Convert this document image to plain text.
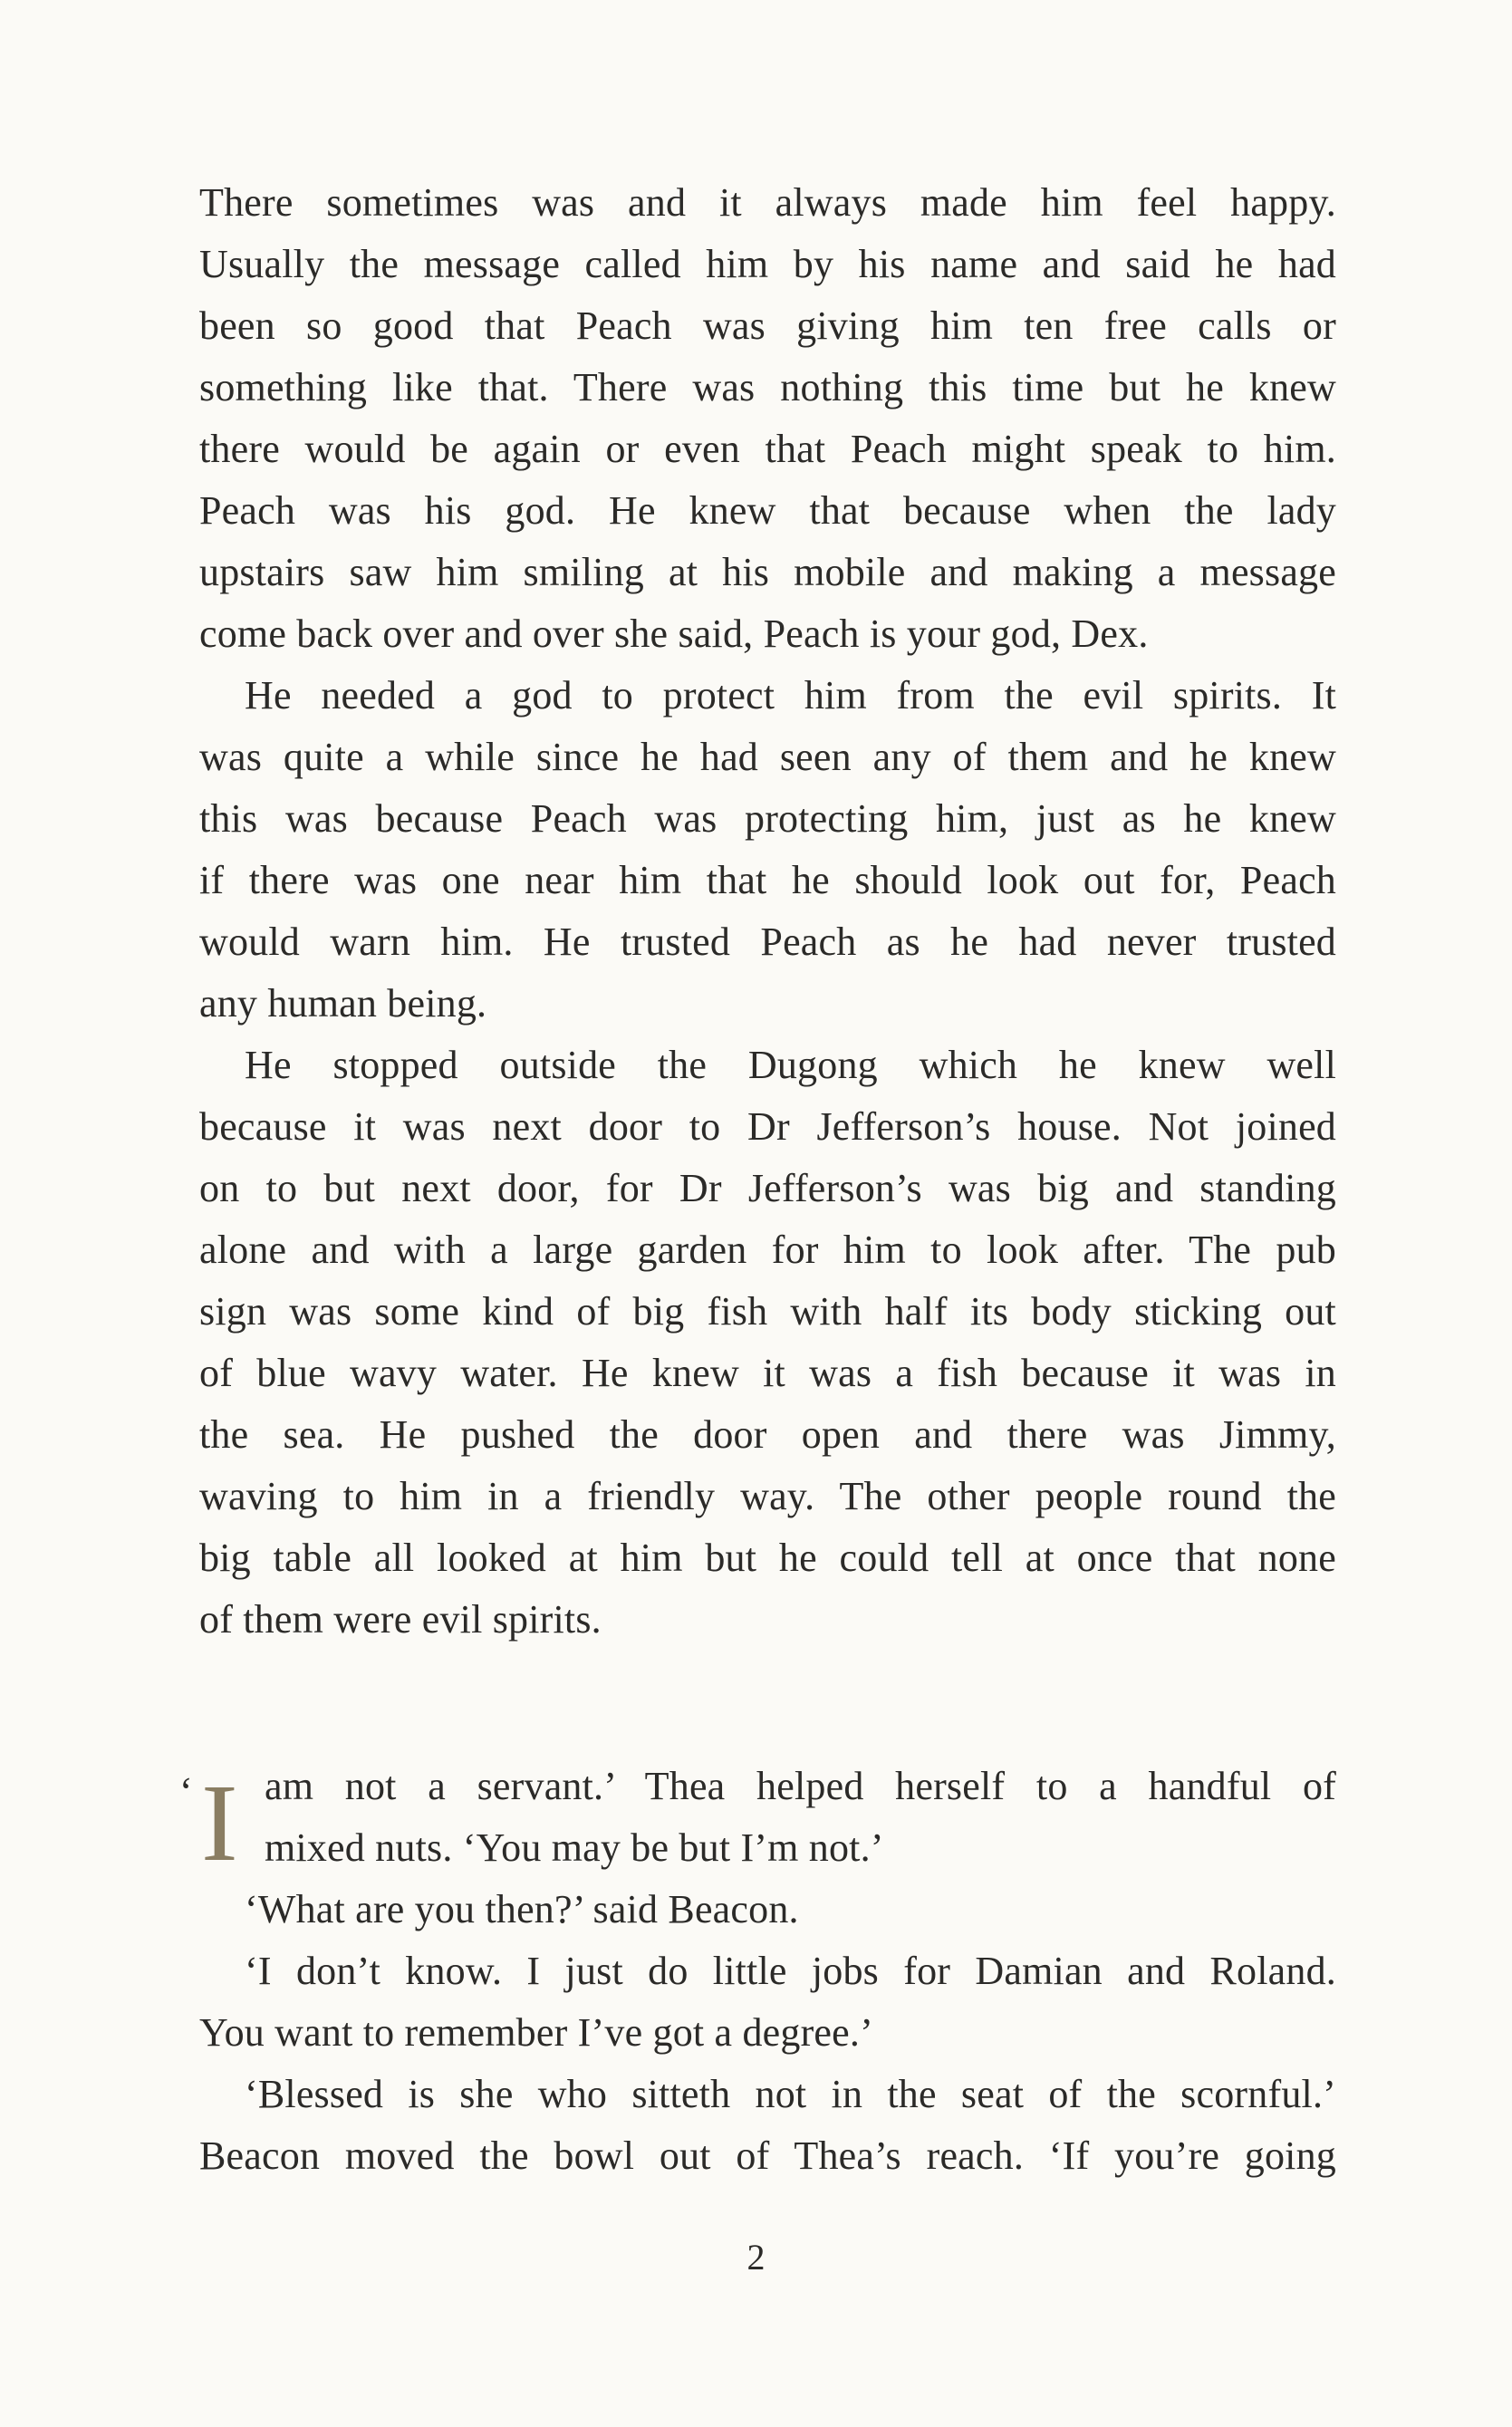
There sometimes was and it always made him feel happy.
Usually the message called him by his name and said he had
been so good that Peach was giving him ten free calls or
something like that. There was nothing this time but he knew
there would be again or even that Peach might speak to him.
Peach was his god. He knew that because when the lady
upstairs saw him smiling at his mobile and making a message
come back over and over she said, Peach is your god, Dex.
He needed a god to protect him from the evil spirits. It
was quite a while since he had seen any of them and he knew
this was because Peach was protecting him, just as he knew
if there was one near him that he should look out for, Peach
would warn him. He trusted Peach as he had never trusted
any human being.
He stopped outside the Dugong which he knew well
because it was next door to Dr Jefferson’s house. Not joined
on to but next door, for Dr Jefferson’s was big and standing
alone and with a large garden for him to look after. The pub
sign was some kind of big fish with half its body sticking out
of blue wavy water. He knew it was a fish because it was in
the sea. He pushed the door open and there was Jimmy,
waving to him in a friendly way. The other people round the
big table all looked at him but he could tell at once that none
of them were evil spirits.
‘ I am not a servant.’ Thea helped herself to a handful of
mixed nuts. ‘You may be but I’m not.’
‘What are you then?’ said Beacon.
‘I don’t know. I just do little jobs for Damian and Roland.
You want to remember I’ve got a degree.’
‘Blessed is she who sitteth not in the seat of the scornful.’
Beacon moved the bowl out of Thea’s reach. ‘If you’re going
2
